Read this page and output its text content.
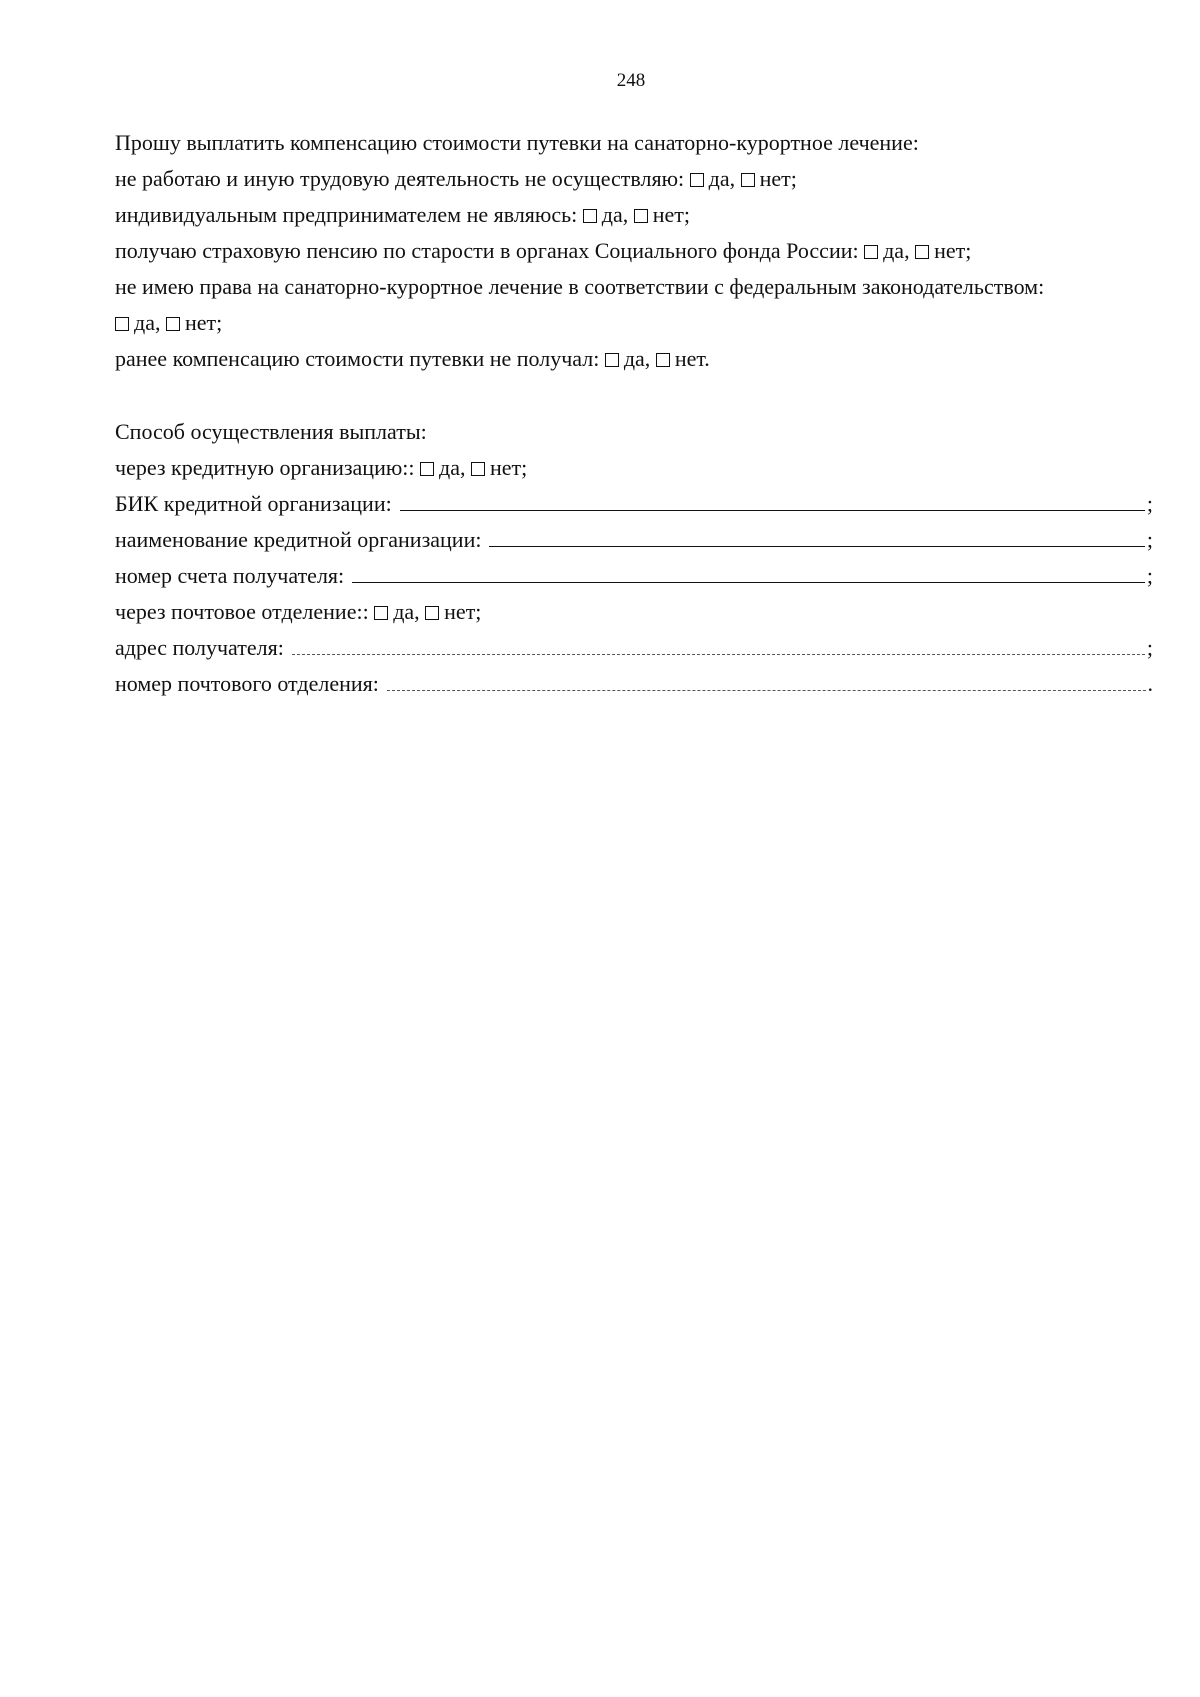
248
Прошу выплатить компенсацию стоимости путевки на санаторно-курортное лечение:
не работаю и иную трудовую деятельность не осуществляю: да, нет;
индивидуальным предпринимателем не являюсь: да, нет;
получаю страховую пенсию по старости в органах Социального фонда России: да, нет;
не имею права на санаторно-курортное лечение в соответствии с федеральным законодательством:
да, нет;
ранее компенсацию стоимости путевки не получал: да, нет.
Способ осуществления выплаты:
через кредитную организацию:: да, нет;
БИК кредитной организации:	;
наименование кредитной организации:	;
номер счета получателя:	;
через почтовое отделение:: да, нет;
адрес получателя:	;
номер почтового отделения:	.
